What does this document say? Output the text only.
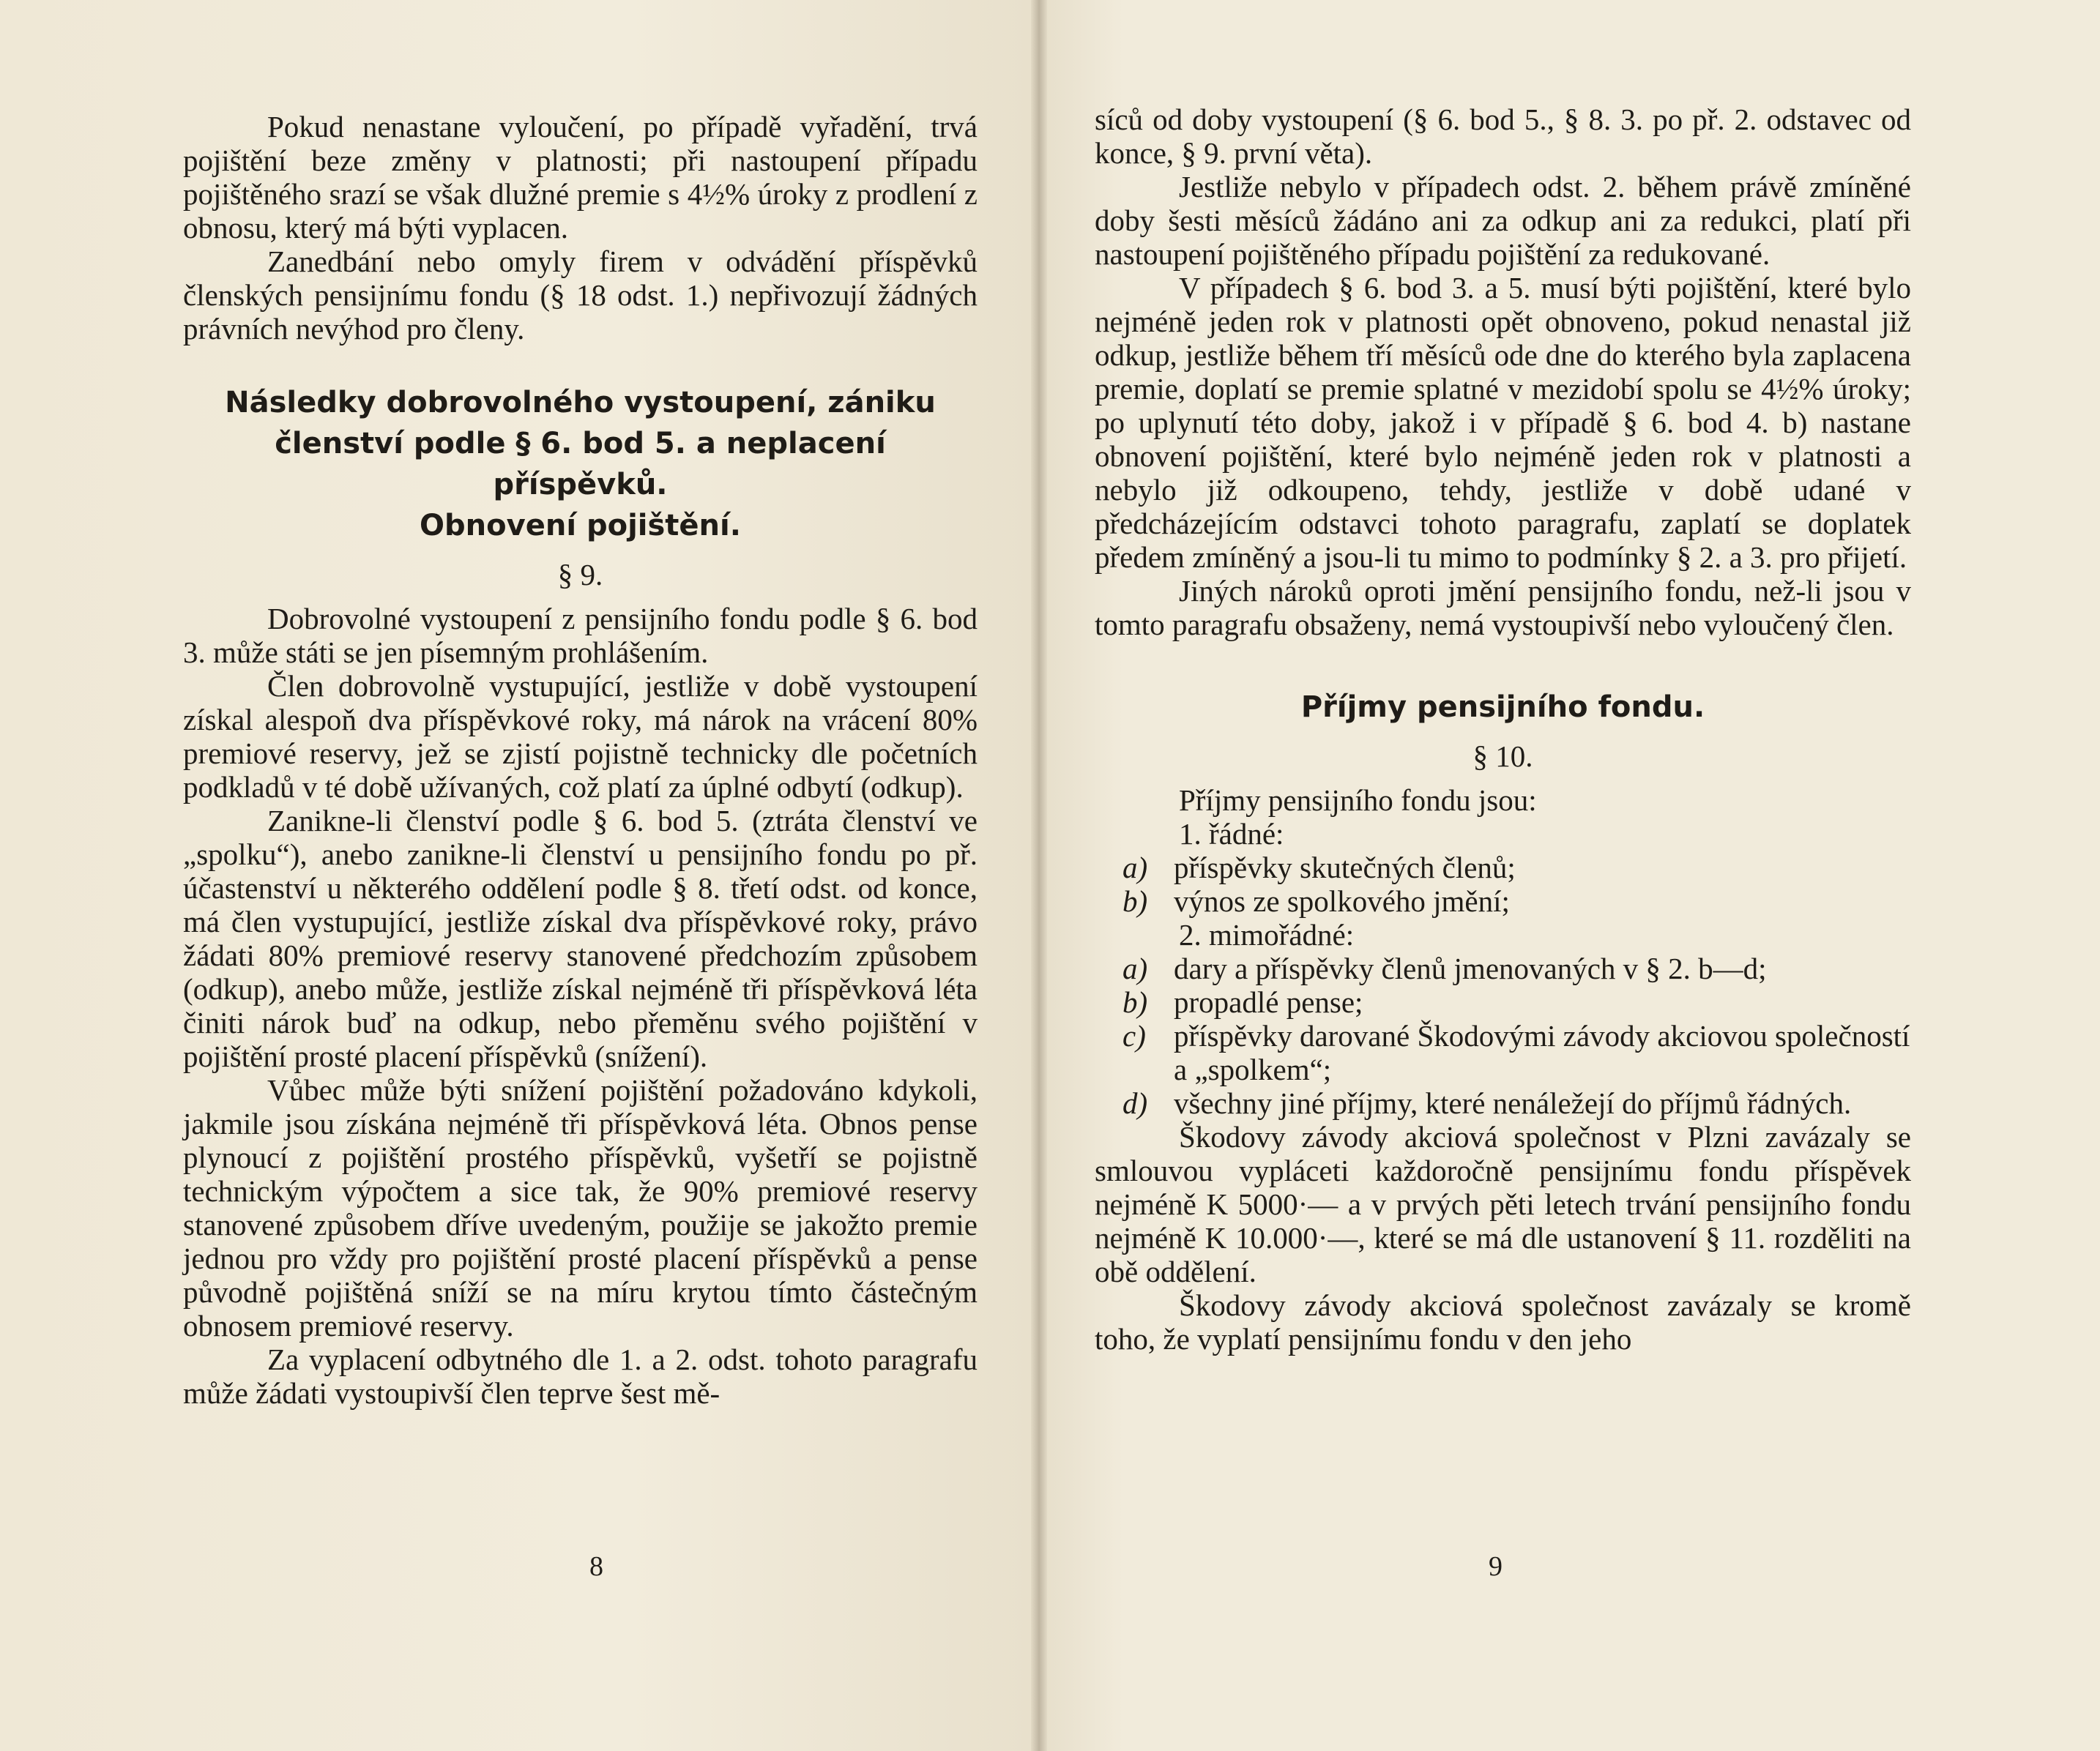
Pokud nenastane vyloučení, po případě vyřadění, trvá pojištění beze změny v platnosti; při nastoupení případu pojištěného srazí se však dlužné premie s 4½% úroky z prodlení z obnosu, který má býti vyplacen.

Zanedbání nebo omyly firem v odvádění příspěvků členských pensijnímu fondu (§ 18 odst. 1.) nepřivozují žádných právních nevýhod pro členy.

Následky dobrovolného vystoupení, zániku
členství podle § 6. bod 5. a neplacení příspěvků.
Obnovení pojištění.
§ 9.

Dobrovolné vystoupení z pensijního fondu podle § 6. bod 3. může státi se jen písemným prohlášením.

Člen dobrovolně vystupující, jestliže v době vystoupení získal alespoň dva příspěvkové roky, má nárok na vrácení 80% premiové reservy, jež se zjistí pojistně technicky dle početních podkladů v té době užívaných, což platí za úplné odbytí (odkup).

Zanikne-li členství podle § 6. bod 5. (ztráta členství ve „spolku“), anebo zanikne-li členství u pensijního fondu po př. účastenství u některého oddělení podle § 8. třetí odst. od konce, má člen vystupující, jestliže získal dva příspěvkové roky, právo žádati 80% premiové reservy stanovené předchozím způsobem (odkup), anebo může, jestliže získal nejméně tři příspěvková léta činiti nárok buď na odkup, nebo přeměnu svého pojištění v pojištění prosté placení příspěvků (snížení).

Vůbec může býti snížení pojištění požadováno kdykoli, jakmile jsou získána nejméně tři příspěvková léta. Obnos pense plynoucí z pojištění prostého příspěvků, vyšetří se pojistně technickým výpočtem a sice tak, že 90% premiové reservy stanovené způsobem dříve uvedeným, použije se jakožto premie jednou pro vždy pro pojištění prosté placení příspěvků a pense původně pojištěná sníží se na míru krytou tímto částečným obnosem premiové reservy.

Za vyplacení odbytného dle 1. a 2. odst. tohoto paragrafu může žádati vystoupivší člen teprve šest mě-

8

síců od doby vystoupení (§ 6. bod 5., § 8. 3. po př. 2. odstavec od konce, § 9. první věta).

Jestliže nebylo v případech odst. 2. během právě zmíněné doby šesti měsíců žádáno ani za odkup ani za redukci, platí při nastoupení pojištěného případu pojištění za redukované.

V případech § 6. bod 3. a 5. musí býti pojištění, které bylo nejméně jeden rok v platnosti opět obnoveno, pokud nenastal již odkup, jestliže během tří měsíců ode dne do kterého byla zaplacena premie, doplatí se premie splatné v mezidobí spolu se 4½% úroky; po uplynutí této doby, jakož i v případě § 6. bod 4. b) nastane obnovení pojištění, které bylo nejméně jeden rok v platnosti a nebylo již odkoupeno, tehdy, jestliže v době udané v předcházejícím odstavci tohoto paragrafu, zaplatí se doplatek předem zmíněný a jsou-li tu mimo to podmínky § 2. a 3. pro přijetí.

Jiných nároků oproti jmění pensijního fondu, než-li jsou v tomto paragrafu obsaženy, nemá vystoupivší nebo vyloučený člen.

Příjmy pensijního fondu.
§ 10.

Příjmy pensijního fondu jsou:

1. řádné:

a) příspěvky skutečných členů;
b) výnos ze spolkového jmění;

2. mimořádné:

a) dary a příspěvky členů jmenovaných v § 2. b—d;
b) propadlé pense;
c) příspěvky darované Škodovými závody akciovou společností a „spolkem“;
d) všechny jiné příjmy, které nenáležejí do příjmů řádných.

Škodovy závody akciová společnost v Plzni zavázaly se smlouvou vypláceti každoročně pensijnímu fondu příspěvek nejméně K 5000·— a v prvých pěti letech trvání pensijního fondu nejméně K 10.000·—, které se má dle ustanovení § 11. rozděliti na obě oddělení.

Škodovy závody akciová společnost zavázaly se kromě toho, že vyplatí pensijnímu fondu v den jeho

9
